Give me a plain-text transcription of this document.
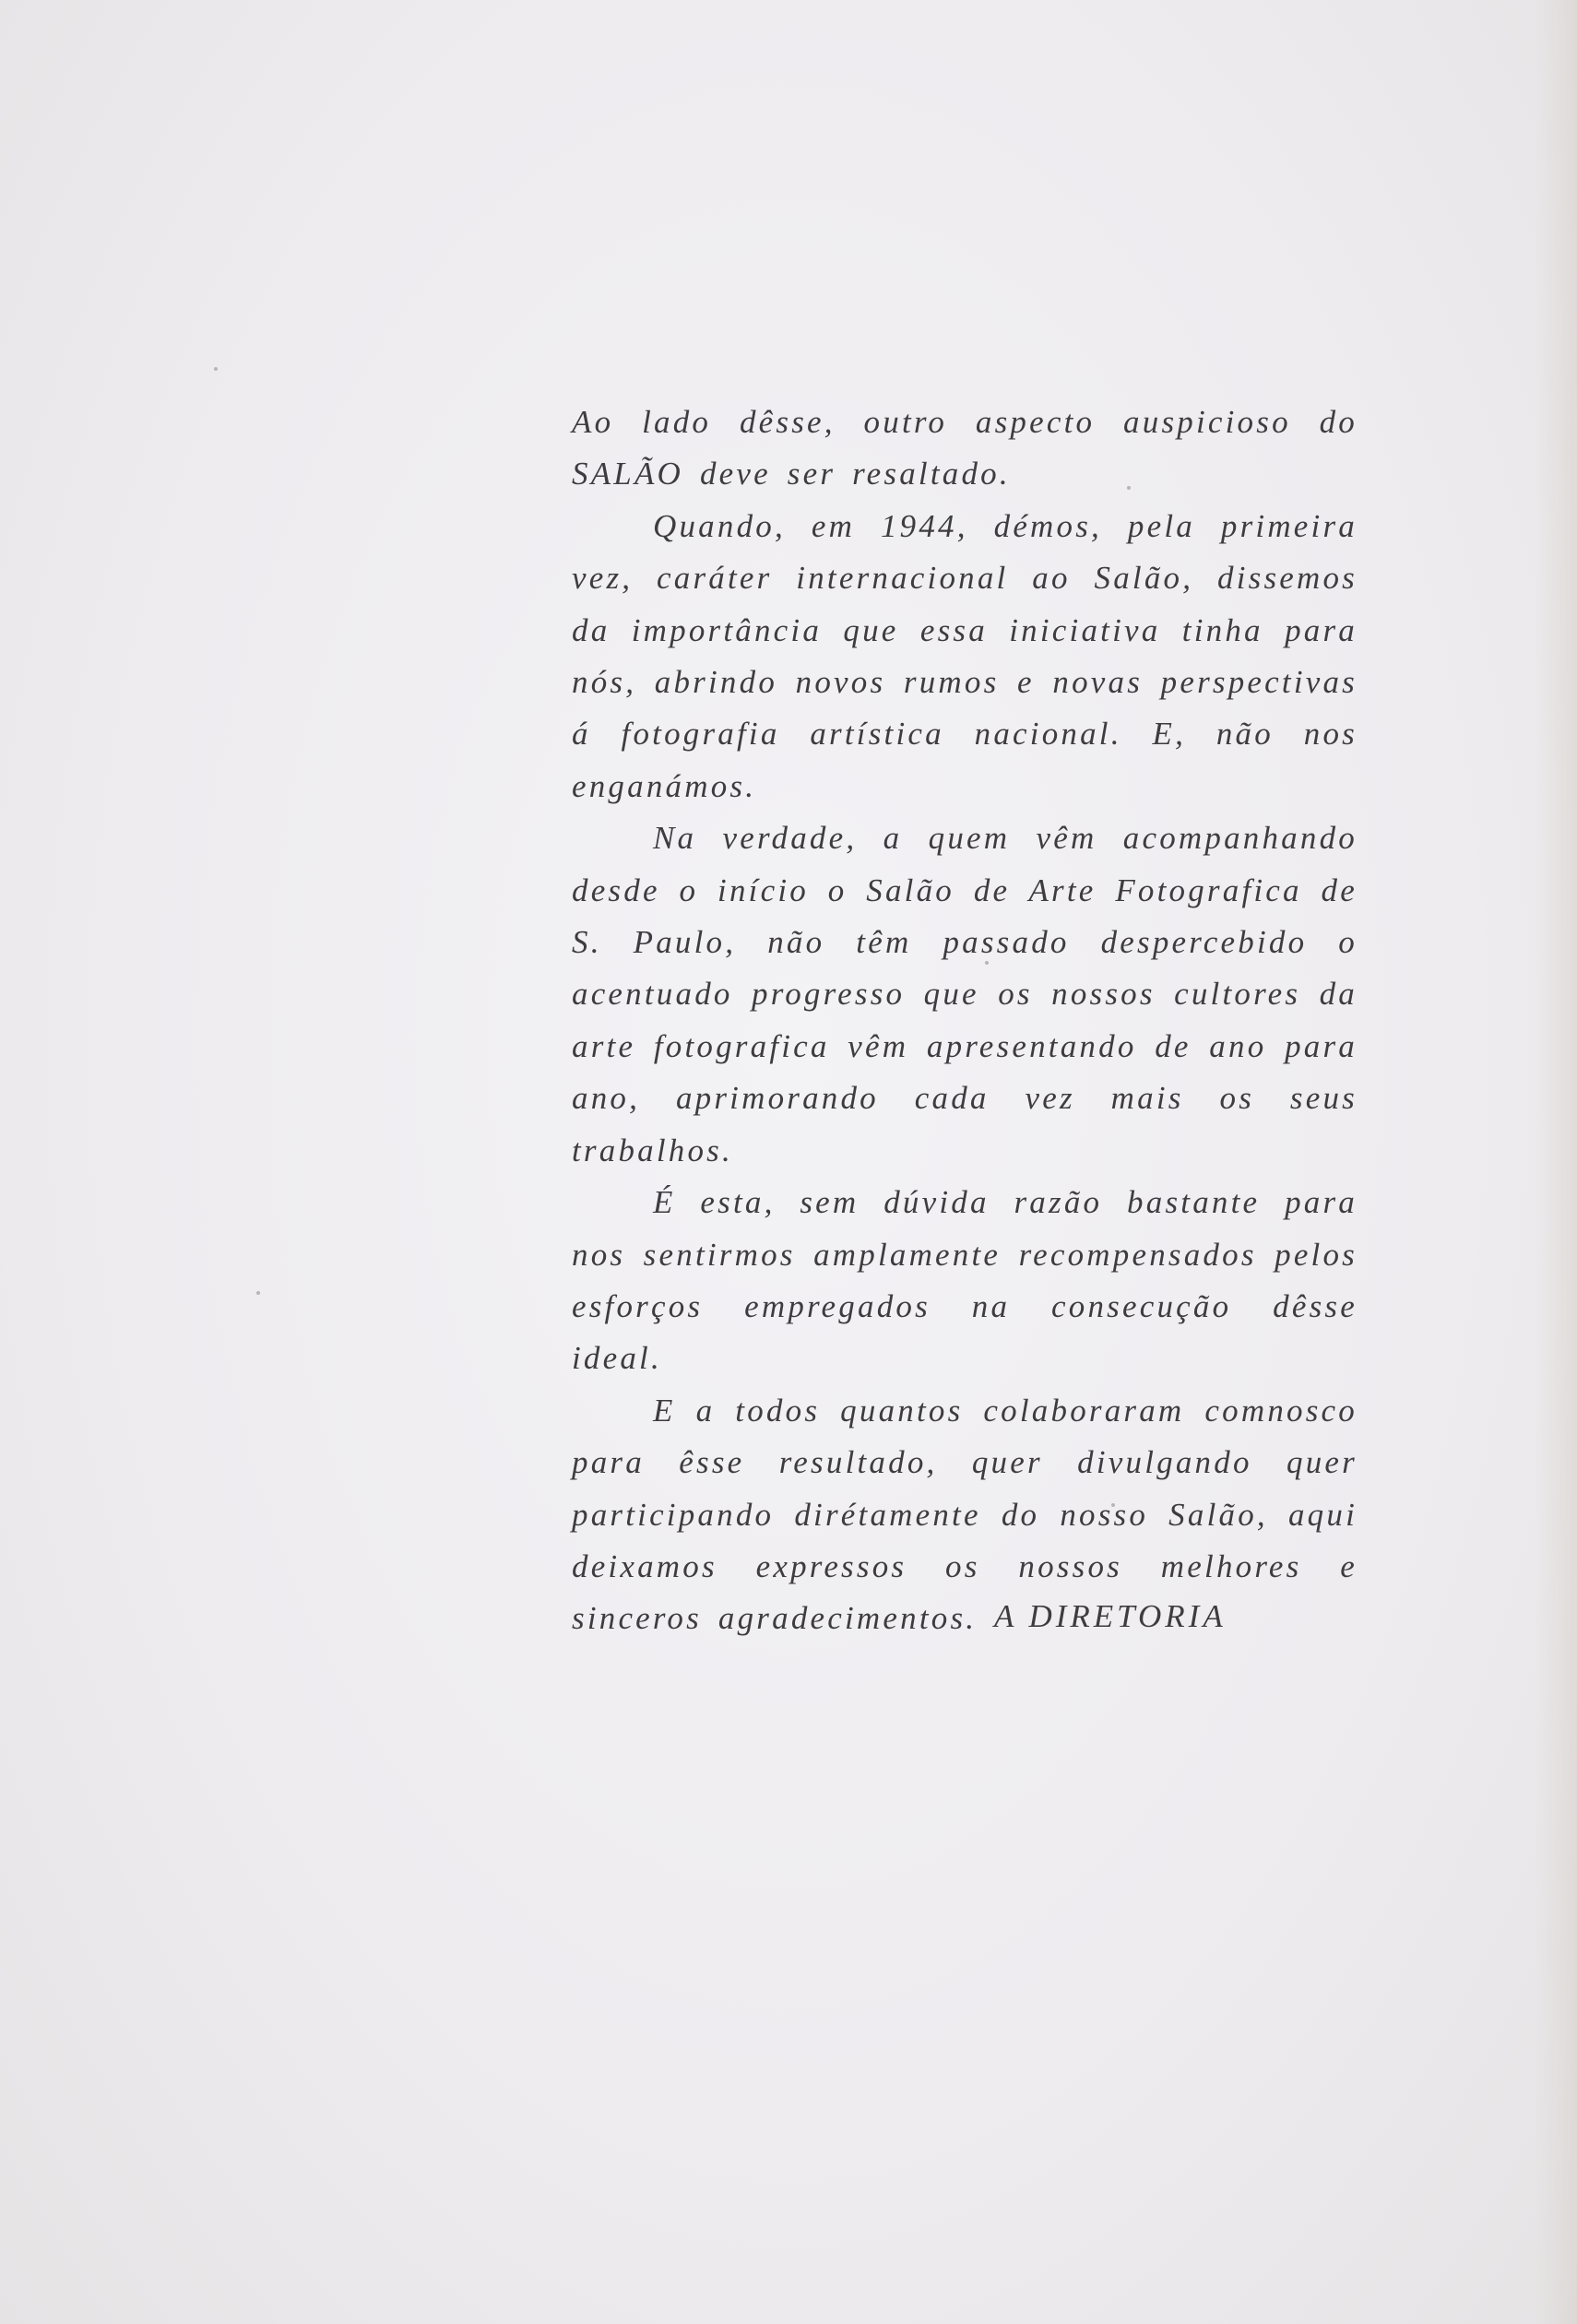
Ao lado dêsse, outro aspecto auspicioso do SALÃO deve ser resaltado.

Quando, em 1944, démos, pela primeira vez, caráter internacional ao Salão, dissemos da importância que essa iniciativa tinha para nós, abrindo novos rumos e novas perspectivas á fotografia artística nacional. E, não nos enganámos.

Na verdade, a quem vêm acompanhando desde o início o Salão de Arte Fotografica de S. Paulo, não têm passado despercebido o acentuado progresso que os nossos cultores da arte fotografica vêm apresentando de ano para ano, aprimorando cada vez mais os seus trabalhos.

É esta, sem dúvida razão bastante para nos sentirmos amplamente recompensados pelos esforços empregados na consecução dêsse ideal.

E a todos quantos colaboraram comnosco para êsse resultado, quer divulgando quer participando dirétamente do nosso Salão, aqui deixamos expressos os nossos melhores e sinceros agradecimentos. A DIRETORIA
